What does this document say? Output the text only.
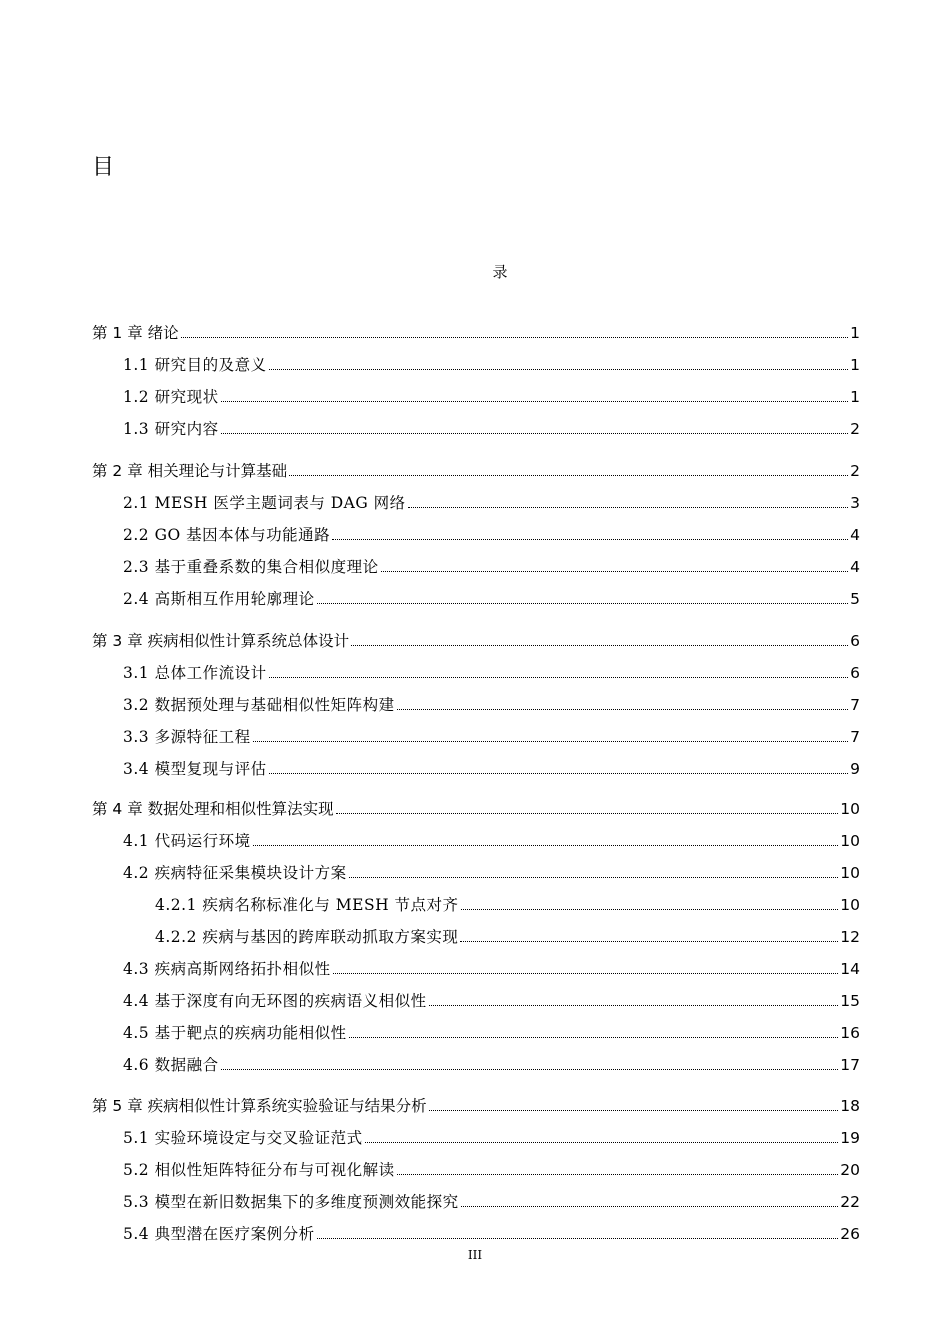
目
录
第 1 章 绪论	1
1.1 研究目的及意义	1
1.2 研究现状	1
1.3 研究内容	2
第 2 章 相关理论与计算基础	2
2.1 MESH 医学主题词表与 DAG 网络	3
2.2 GO 基因本体与功能通路	4
2.3 基于重叠系数的集合相似度理论	4
2.4 高斯相互作用轮廓理论	5
第 3 章 疾病相似性计算系统总体设计	6
3.1 总体工作流设计	6
3.2 数据预处理与基础相似性矩阵构建	7
3.3 多源特征工程	7
3.4 模型复现与评估	9
第 4 章 数据处理和相似性算法实现	10
4.1 代码运行环境	10
4.2 疾病特征采集模块设计方案	10
4.2.1 疾病名称标准化与 MESH 节点对齐	10
4.2.2 疾病与基因的跨库联动抓取方案实现	12
4.3 疾病高斯网络拓扑相似性	14
4.4 基于深度有向无环图的疾病语义相似性	15
4.5 基于靶点的疾病功能相似性	16
4.6 数据融合	17
第 5 章 疾病相似性计算系统实验验证与结果分析	18
5.1 实验环境设定与交叉验证范式	19
5.2 相似性矩阵特征分布与可视化解读	20
5.3 模型在新旧数据集下的多维度预测效能探究	22
5.4 典型潜在医疗案例分析	26
III
